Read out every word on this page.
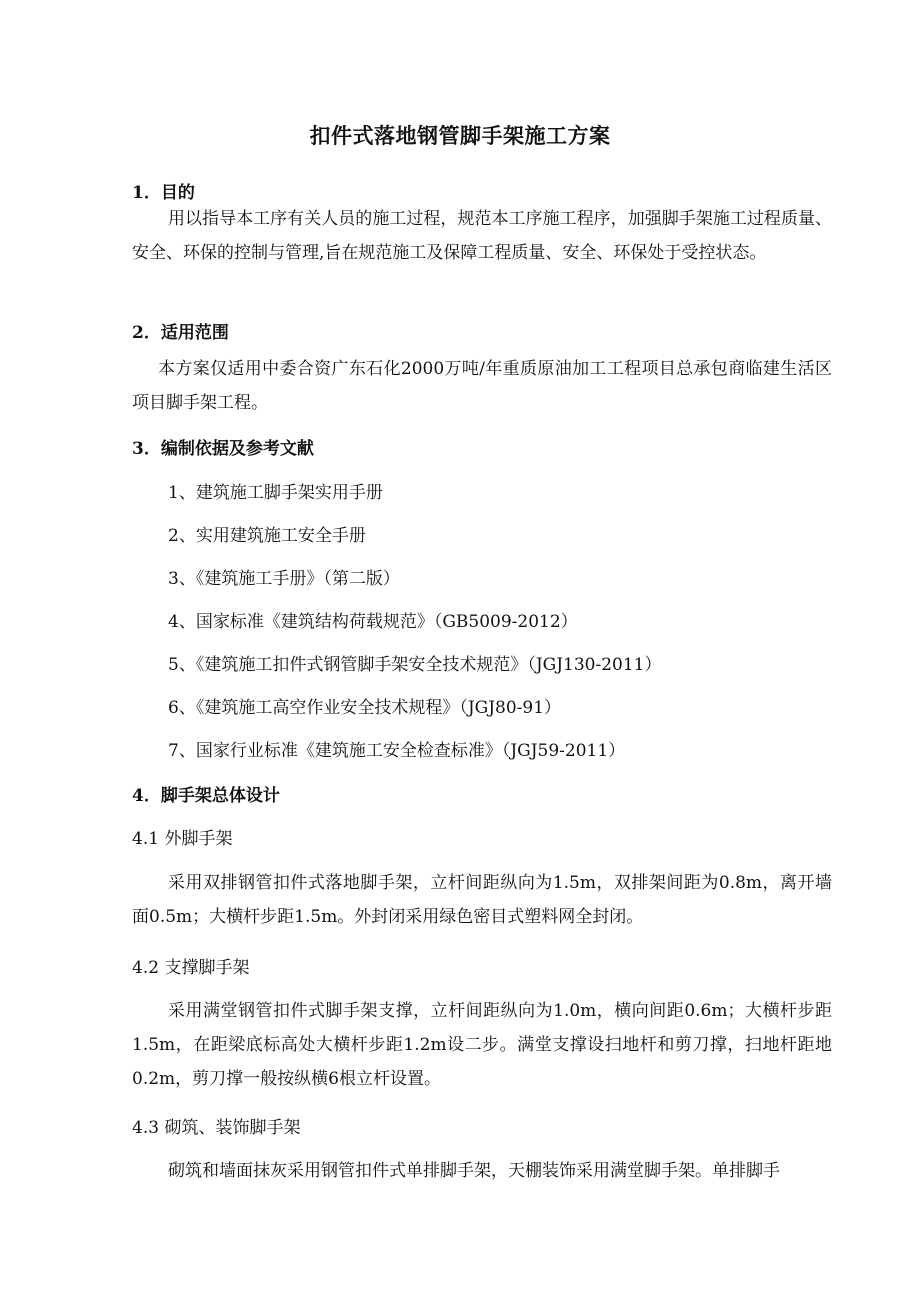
扣件式落地钢管脚手架施工方案
1．目的
用以指导本工序有关人员的施工过程，规范本工序施工程序，加强脚手架施工过程质量、安全、环保的控制与管理,旨在规范施工及保障工程质量、安全、环保处于受控状态。
2．适用范围
本方案仅适用中委合资广东石化2000万吨/年重质原油加工工程项目总承包商临建生活区项目脚手架工程。
3．编制依据及参考文献
1、建筑施工脚手架实用手册
2、实用建筑施工安全手册
3、《建筑施工手册》（第二版）
4、国家标准《建筑结构荷载规范》（GB5009-2012）
5、《建筑施工扣件式钢管脚手架安全技术规范》（JGJ130-2011）
6、《建筑施工高空作业安全技术规程》（JGJ80-91）
7、国家行业标准《建筑施工安全检查标准》（JGJ59-2011）
4．脚手架总体设计
4.1 外脚手架
采用双排钢管扣件式落地脚手架，立杆间距纵向为1.5m，双排架间距为0.8m，离开墙面0.5m；大横杆步距1.5m。外封闭采用绿色密目式塑料网全封闭。
4.2 支撑脚手架
采用满堂钢管扣件式脚手架支撑，立杆间距纵向为1.0m，横向间距0.6m；大横杆步距1.5m，在距梁底标高处大横杆步距1.2m设二步。满堂支撑设扫地杆和剪刀撑，扫地杆距地0.2m，剪刀撑一般按纵横6根立杆设置。
4.3 砌筑、装饰脚手架
砌筑和墙面抹灰采用钢管扣件式单排脚手架，天棚装饰采用满堂脚手架。单排脚手
